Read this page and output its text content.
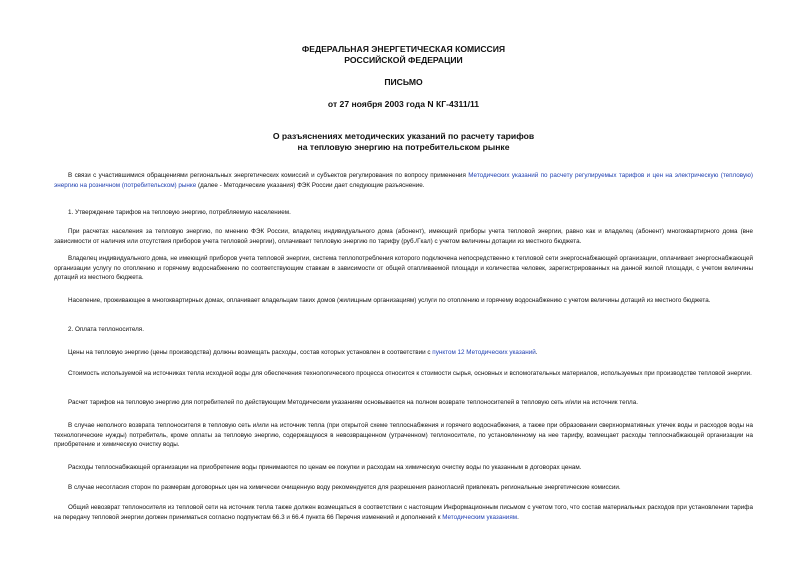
ФЕДЕРАЛЬНАЯ ЭНЕРГЕТИЧЕСКАЯ КОМИССИЯ
РОССИЙСКОЙ ФЕДЕРАЦИИ
ПИСЬМО
от 27 ноября 2003 года N КГ-4311/11
О разъяснениях методических указаний по расчету тарифов
на тепловую энергию на потребительском рынке
В связи с участившимися обращениями региональных энергетических комиссий и субъектов регулирования по вопросу применения Методических указаний по расчету регулируемых тарифов и цен на электрическую (тепловую) энергию на розничном (потребительском) рынке (далее - Методические указания) ФЭК России дает следующие разъяснение.
1. Утверждение тарифов на тепловую энергию, потребляемую населением.
При расчетах населения за тепловую энергию, по мнению ФЭК России, владелец индивидуального дома (абонент), имеющий приборы учета тепловой энергии, равно как и владелец (абонент) многоквартирного дома (вне зависимости от наличия или отсутствия приборов учета тепловой энергии), оплачивает тепловую энергию по тарифу (руб./Гкал) с учетом величины дотации из местного бюджета.
Владелец индивидуального дома, не имеющий приборов учета тепловой энергии, система теплопотребления которого подключена непосредственно к тепловой сети энергоснабжающей организации, оплачивает энергоснабжающей организации услугу по отоплению и горячему водоснабжению по соответствующим ставкам в зависимости от общей отапливаемой площади и количества человек, зарегистрированных на данной жилой площади, с учетом величины дотаций из местного бюджета.
Население, проживающее в многоквартирных домах, оплачивает владельцам таких домов (жилищным организациям) услуги по отоплению и горячему водоснабжению с учетом величины дотаций из местного бюджета.
2. Оплата теплоносителя.
Цены на тепловую энергию (цены производства) должны возмещать расходы, состав которых установлен в соответствии с пунктом 12 Методических указаний.
Стоимость используемой на источниках тепла исходной воды для обеспечения технологического процесса относится к стоимости сырья, основных и вспомогательных материалов, используемых при производстве тепловой энергии.
Расчет тарифов на тепловую энергию для потребителей по действующим Методическим указаниям основывается на полном возврате теплоносителей в тепловую сеть и/или на источник тепла.
В случае неполного возврата теплоносителя в тепловую сеть и/или на источник тепла (при открытой схеме теплоснабжения и горячего водоснабжения, а также при образовании сверхнормативных утечек воды и расходов воды на технологические нужды) потребитель, кроме оплаты за тепловую энергию, содержащуюся в невозвращенном (утраченном) теплоносителе, по установленному на нее тарифу, возмещает расходы теплоснабжающей организации на приобретение и химическую очистку воды.
Расходы теплоснабжающей организации на приобретение воды принимаются по ценам ее покупки и расходам на химическую очистку воды по указанным в договорах ценам.
В случае несогласия сторон по размерам договорных цен на химически очищенную воду рекомендуется для разрешения разногласий привлекать региональные энергетические комиссии.
Общий невозврат теплоносителя из тепловой сети на источник тепла также должен возмещаться в соответствии с настоящим Информационным письмом с учетом того, что состав материальных расходов при установлении тарифа на передачу тепловой энергии должен приниматься согласно подпунктам 66.3 и 66.4 пункта 66 Перечня изменений и дополнений к Методическим указаниям.
